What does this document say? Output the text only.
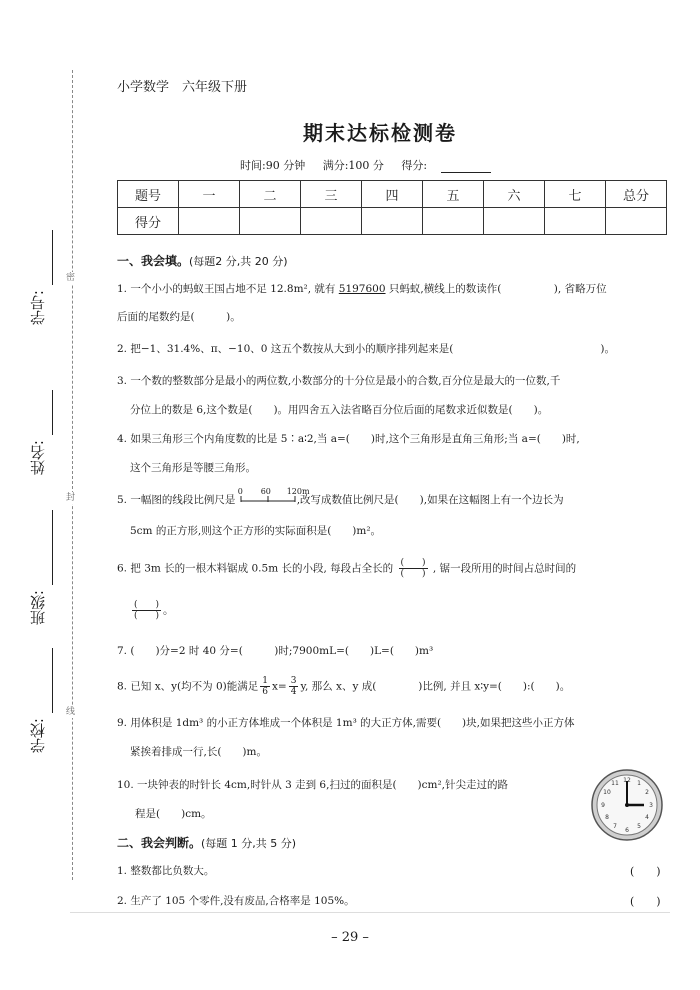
密
封
线
学号:
姓名:
班级:
学校:
小学数学　六年级下册
期末达标检测卷
时间:90 分钟 满分:100 分 得分:
题号	一	二	三	四	五	六	七	总分
得分								
一、我会填。(每题2 分,共 20 分)
1. 一个小小的蚂蚁王国占地不足 12.8m², 就有 5197600 只蚂蚁,横线上的数读作(　　　　　), 省略万位
后面的尾数约是(　　　)。
2. 把−1、31.4%、π、−10、0 这五个数按从大到小的顺序排列起来是(　　　　　　　　　　　　　　)。
3. 一个数的整数部分是最小的两位数,小数部分的十分位是最小的合数,百分位是最大的一位数,千
分位上的数是 6,这个数是(　　)。用四舍五入法省略百分位后面的尾数求近似数是(　　)。
4. 如果三角形三个内角度数的比是 5∶a∶2,当 a=(　　)时,这个三角形是直角三角形;当 a=(　　)时,
这个三角形是等腰三角形。
5. 一幅图的线段比例尺是
0 60 120m
,改写成数值比例尺是(　　),如果在这幅图上有一个边长为
5cm 的正方形,则这个正方形的实际面积是(　　)m²。
6. 把 3m 长的一根木料锯成 0.5m 长的小段, 每段占全长的 $\frac{( )}{( )}$ , 锯一段所用的时间占总时间的
$\frac{( )}{( )}$ 。
7. (　　)分=2 时 40 分=(　　　)时;7900mL=(　　)L=(　　)m³
8. 已知 x、y(均不为 0)能满足 $\frac{1}{6} x= \frac{3}{4} y$, 那么 x、y 成(　　　　)比例, 并且 x∶y=(　　):(　　)。
9. 用体积是 1dm³ 的小正方体堆成一个体积是 1m³ 的大正方体,需要(　　)块,如果把这些小正方体
紧挨着排成一行,长(　　)m。
10. 一块钟表的时针长 4cm,时针从 3 走到 6,扫过的面积是(　　)cm²,针尖走过的路
程是(　　)cm。
12 1
2
3
4
5
6
7
8
9
10
11
二、我会判断。(每题 1 分,共 5 分)
1. 整数都比负数大。	(　　)
2. 生产了 105 个零件,没有废品,合格率是 105%。	(　　)
– 29 –
